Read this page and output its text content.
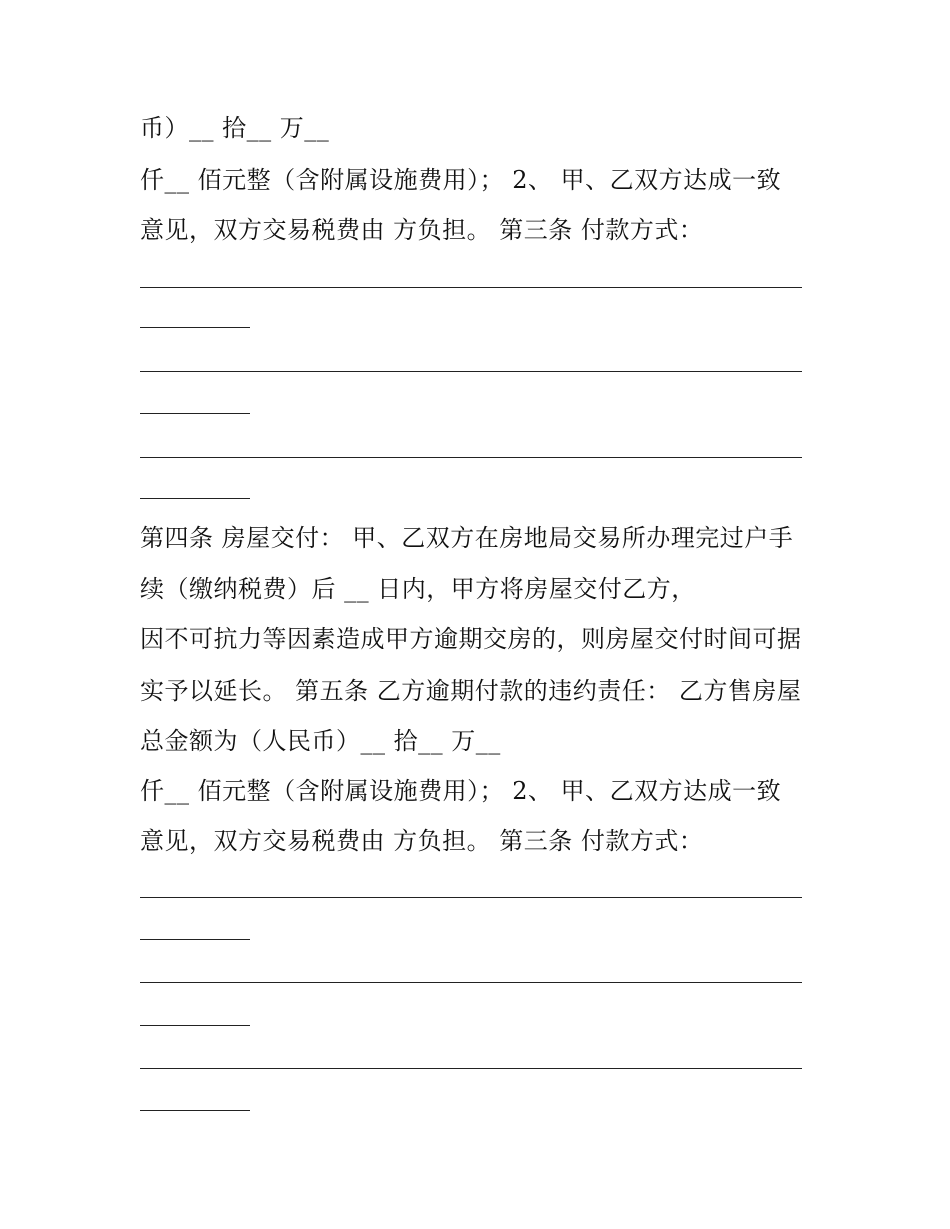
币）__ 拾__ 万__
仟__ 佰元整（含附属设施费用）； 2、 甲、乙双方达成一致
意见，双方交易税费由 方负担。 第三条 付款方式：
第四条 房屋交付： 甲、乙双方在房地局交易所办理完过户手
续（缴纳税费）后 __ 日内，甲方将房屋交付乙方，
因不可抗力等因素造成甲方逾期交房的，则房屋交付时间可据
实予以延长。 第五条 乙方逾期付款的违约责任： 乙方售房屋
总金额为（人民币）__ 拾__ 万__
仟__ 佰元整（含附属设施费用）； 2、 甲、乙双方达成一致
意见，双方交易税费由 方负担。 第三条 付款方式：
